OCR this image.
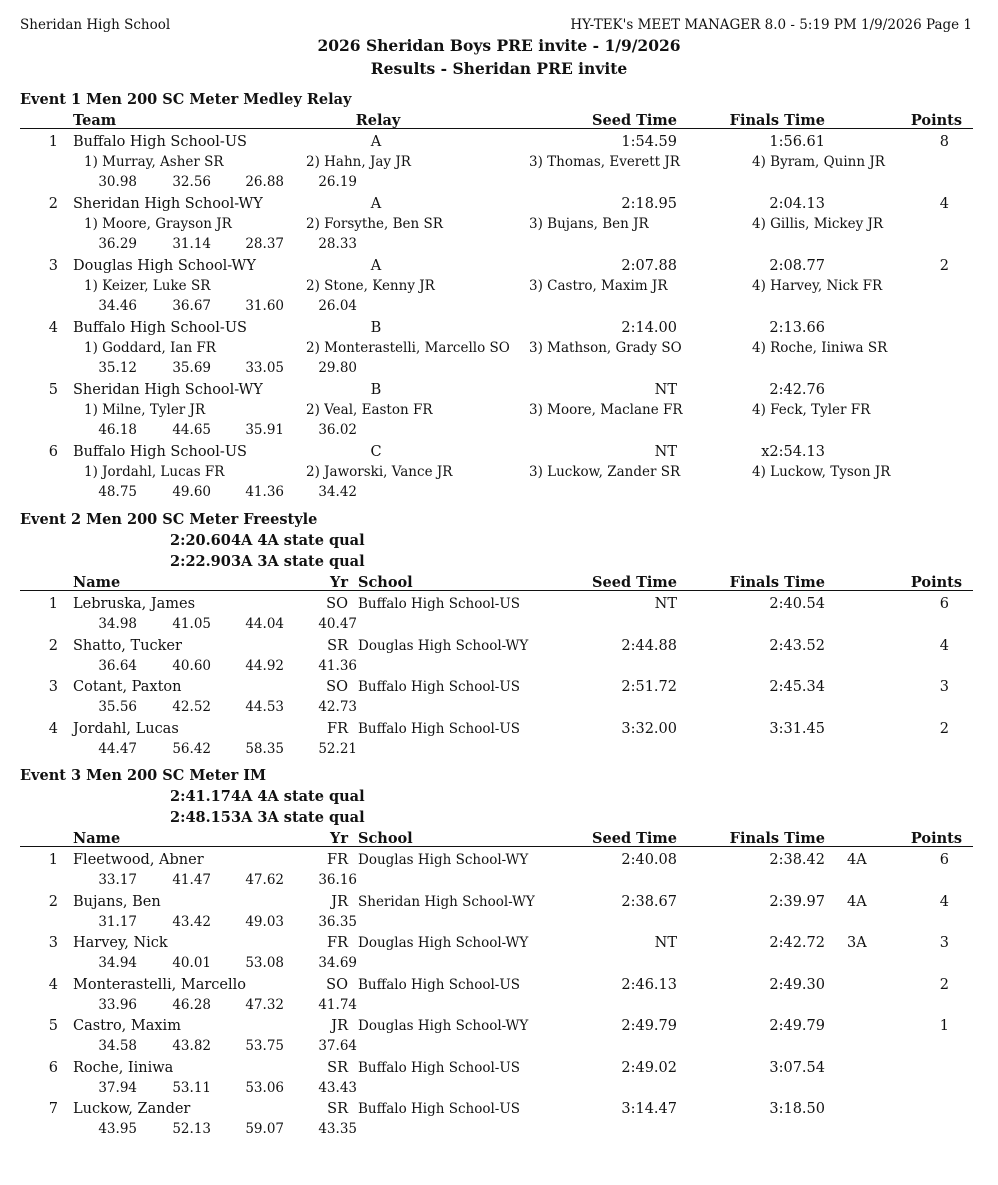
Sheridan High School	HY-TEK's MEET MANAGER 8.0 - 5:19 PM 1/9/2026 Page 1
2026 Sheridan Boys PRE invite - 1/9/2026
Results - Sheridan PRE invite
Event 1 Men 200 SC Meter Medley Relay
Team	Relay	Seed Time	Finals Time	Points
1 Buffalo High School-US	A	1:54.59	1:56.61	8
1) Murray, Asher SR	2) Hahn, Jay JR	3) Thomas, Everett JR	4) Byram, Quinn JR
30.98	32.56	26.88	26.19
2 Sheridan High School-WY	A	2:18.95	2:04.13	4
1) Moore, Grayson JR	2) Forsythe, Ben SR	3) Bujans, Ben JR	4) Gillis, Mickey JR
36.29	31.14	28.37	28.33
3 Douglas High School-WY	A	2:07.88	2:08.77	2
1) Keizer, Luke SR	2) Stone, Kenny JR	3) Castro, Maxim JR	4) Harvey, Nick FR
34.46	36.67	31.60	26.04
4 Buffalo High School-US	B	2:14.00	2:13.66
1) Goddard, Ian FR	2) Monterastelli, Marcello SO 3) Mathson, Grady SO	4) Roche, Iiniwa SR
35.12	35.69	33.05	29.80
5 Sheridan High School-WY	B	NT	2:42.76
1) Milne, Tyler JR	2) Veal, Easton FR	3) Moore, Maclane FR	4) Feck, Tyler FR
46.18	44.65	35.91	36.02
6 Buffalo High School-US	C	NT	x2:54.13
1) Jordahl, Lucas FR	2) Jaworski, Vance JR	3) Luckow, Zander SR	4) Luckow, Tyson JR
48.75	49.60	41.36	34.42
Event 2 Men 200 SC Meter Freestyle
2:20.60 4A 4A state qual
2:22.90 3A 3A state qual
Name	Yr School	Seed Time	Finals Time	Points
1 Lebruska, James	SO Buffalo High School-US	NT	2:40.54	6
34.98	41.05	44.04	40.47
2 Shatto, Tucker	SR Douglas High School-WY	2:44.88	2:43.52	4
36.64	40.60	44.92	41.36
3 Cotant, Paxton	SO Buffalo High School-US	2:51.72	2:45.34	3
35.56	42.52	44.53	42.73
4 Jordahl, Lucas	FR Buffalo High School-US	3:32.00	3:31.45	2
44.47	56.42	58.35	52.21
Event 3 Men 200 SC Meter IM
2:41.17 4A 4A state qual
2:48.15 3A 3A state qual
Name	Yr School	Seed Time	Finals Time	Points
1 Fleetwood, Abner	FR Douglas High School-WY	2:40.08	2:38.42 4A	6
33.17	41.47	47.62	36.16
2 Bujans, Ben	JR Sheridan High School-WY	2:38.67	2:39.97 4A	4
31.17	43.42	49.03	36.35
3 Harvey, Nick	FR Douglas High School-WY	NT	2:42.72 3A	3
34.94	40.01	53.08	34.69
4 Monterastelli, Marcello	SO Buffalo High School-US	2:46.13	2:49.30	2
33.96	46.28	47.32	41.74
5 Castro, Maxim	JR Douglas High School-WY	2:49.79	2:49.79	1
34.58	43.82	53.75	37.64
6 Roche, Iiniwa	SR Buffalo High School-US	2:49.02	3:07.54
37.94	53.11	53.06	43.43
7 Luckow, Zander	SR Buffalo High School-US	3:14.47	3:18.50
43.95	52.13	59.07	43.35
